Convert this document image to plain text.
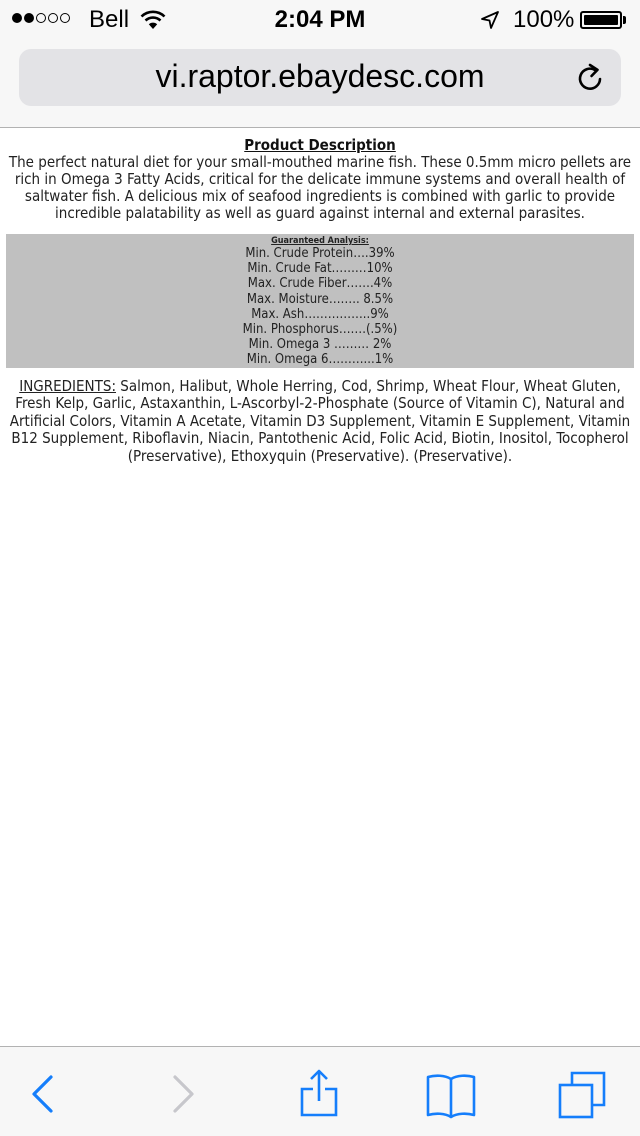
Bell	2:04 PM	100%
vi.raptor.ebaydesc.com
Product Description
The perfect natural diet for your small-mouthed marine fish. These 0.5mm micro pellets are rich in Omega 3 Fatty Acids, critical for the delicate immune systems and overall health of saltwater fish. A delicious mix of seafood ingredients is combined with garlic to provide incredible palatability as well as guard against internal and external parasites.
Guaranteed Analysis:
Min. Crude Protein….39%
Min. Crude Fat………10%
Max. Crude Fiber…….4%
Max. Moisture…….. 8.5%
Max. Ash……………..9%
Min. Phosphorus…….(.5%)
Min. Omega 3 ……… 2%
Min. Omega 6………...1%
INGREDIENTS: Salmon, Halibut, Whole Herring, Cod, Shrimp, Wheat Flour, Wheat Gluten, Fresh Kelp, Garlic, Astaxanthin, L-Ascorbyl-2-Phosphate (Source of Vitamin C), Natural and Artificial Colors, Vitamin A Acetate, Vitamin D3 Supplement, Vitamin E Supplement, Vitamin B12 Supplement, Riboflavin, Niacin, Pantothenic Acid, Folic Acid, Biotin, Inositol, Tocopherol (Preservative), Ethoxyquin (Preservative). (Preservative).
